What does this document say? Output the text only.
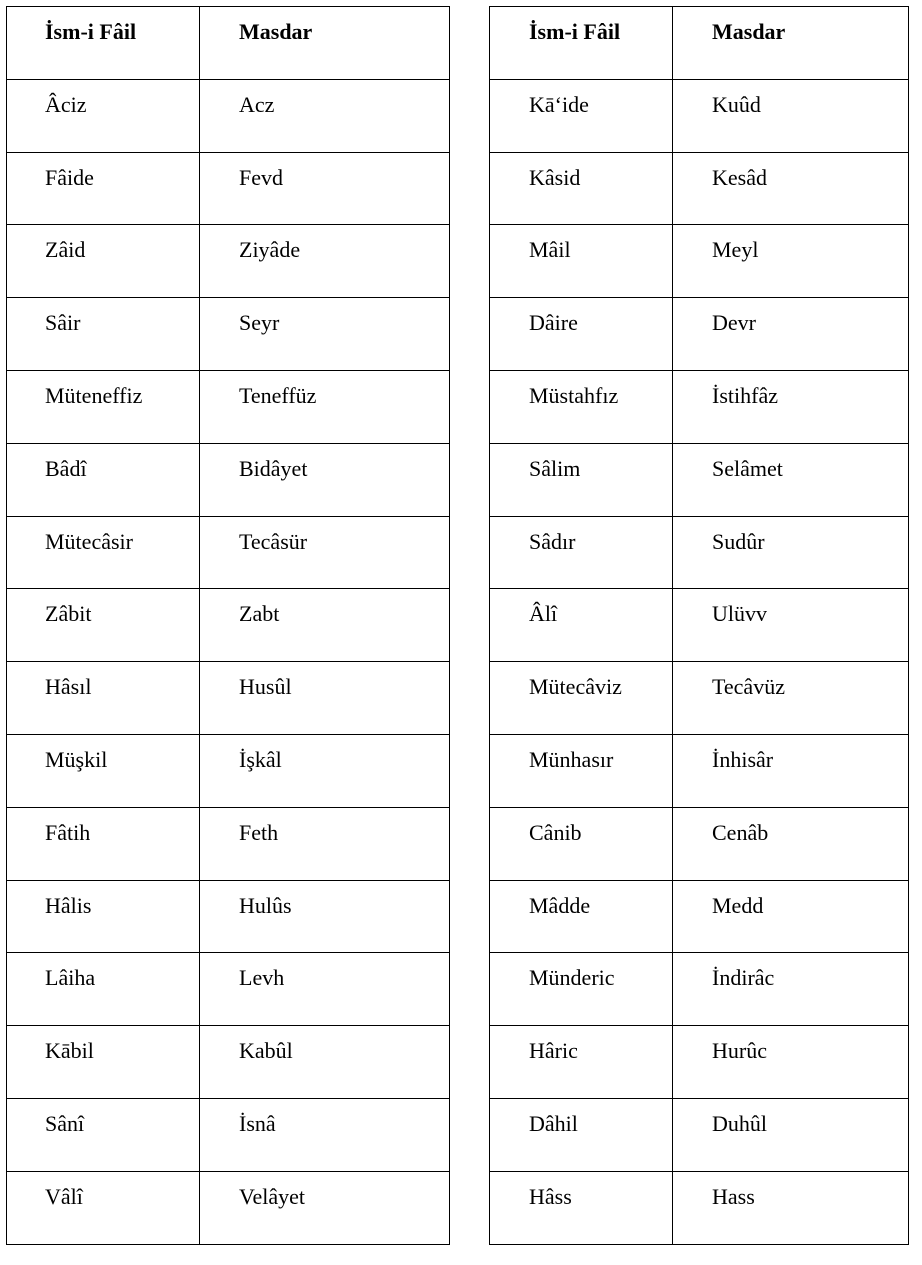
İsm-i Fâil	Masdar

Âciz	Acz

Fâide	Fevd

Zâid	Ziyâde

Sâir	Seyr

Müteneffiz	Teneffüz

Bâdî	Bidâyet

Mütecâsir	Tecâsür

Zâbit	Zabt

Hâsıl	Husûl

Müşkil	İşkâl

Fâtih	Feth

Hâlis	Hulûs

Lâiha	Levh

Kābil	Kabûl

Sânî	İsnâ

Vâlî	Velâyet
İsm-i Fâil	Masdar

Kā‘ide	Kuûd

Kâsid	Kesâd

Mâil	Meyl

Dâire	Devr

Müstahfız	İstihfâz

Sâlim	Selâmet

Sâdır	Sudûr

Âlî	Ulüvv

Mütecâviz	Tecâvüz

Münhasır	İnhisâr

Cânib	Cenâb

Mâdde	Medd

Münderic	İndirâc

Hâric	Hurûc

Dâhil	Duhûl

Hâss	Hass
